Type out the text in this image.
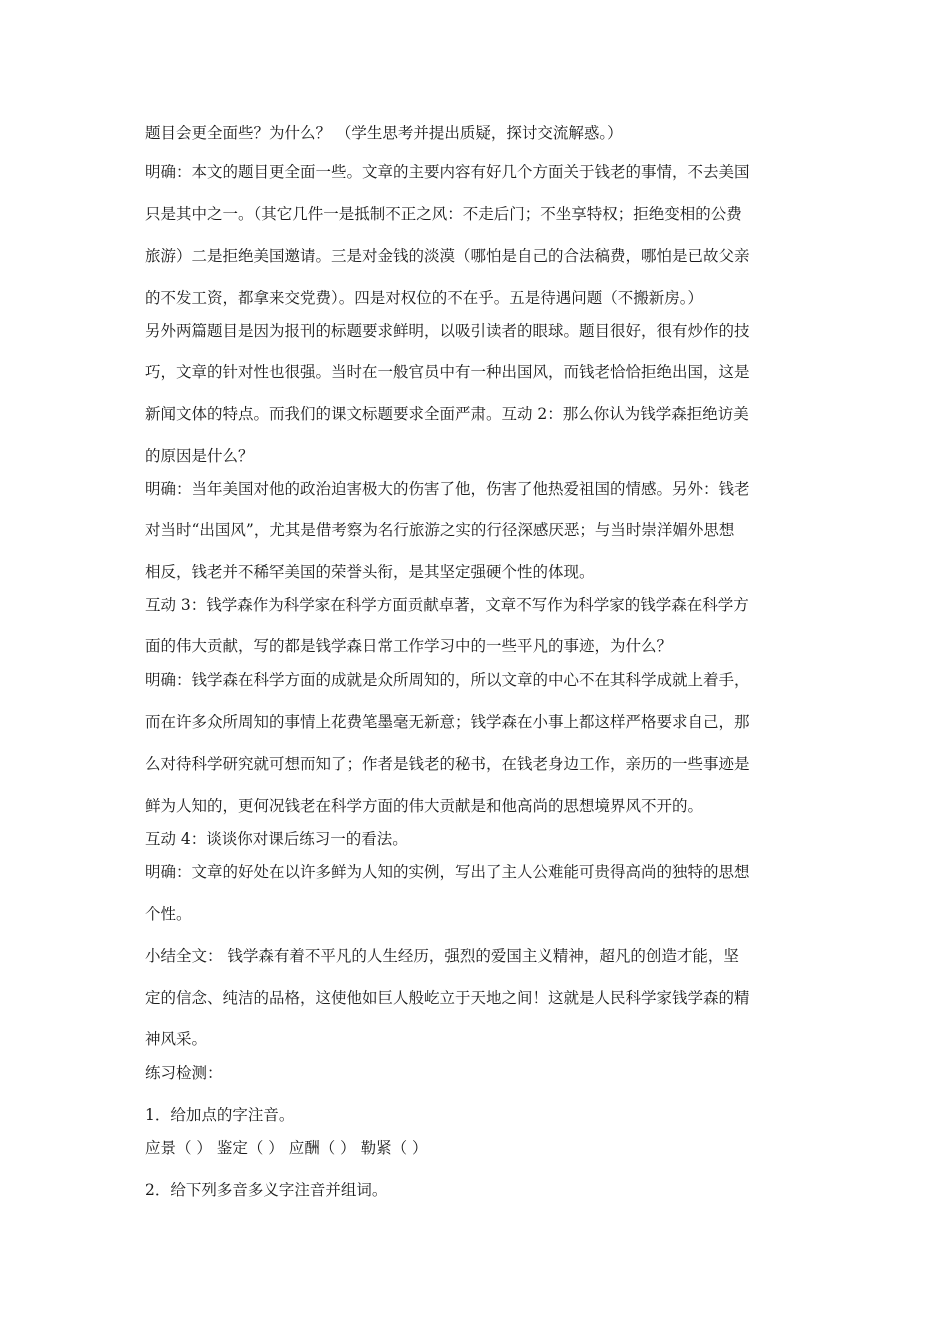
题目会更全面些？为什么？ （学生思考并提出质疑，探讨交流解惑。）
明确：本文的题目更全面一些。文章的主要内容有好几个方面关于钱老的事情，不去美国
只是其中之一。（其它几件一是抵制不正之风：不走后门；不坐享特权；拒绝变相的公费
旅游）二是拒绝美国邀请。三是对金钱的淡漠（哪怕是自己的合法稿费，哪怕是已故父亲
的不发工资，都拿来交党费）。四是对权位的不在乎。五是待遇问题（不搬新房。）
另外两篇题目是因为报刊的标题要求鲜明，以吸引读者的眼球。题目很好，很有炒作的技
巧，文章的针对性也很强。当时在一般官员中有一种出国风，而钱老恰恰拒绝出国，这是
新闻文体的特点。而我们的课文标题要求全面严肃。互动 2：那么你认为钱学森拒绝访美
的原因是什么？
明确：当年美国对他的政治迫害极大的伤害了他，伤害了他热爱祖国的情感。另外：钱老
对当时“出国风”，尤其是借考察为名行旅游之实的行径深感厌恶；与当时崇洋媚外思想
相反，钱老并不稀罕美国的荣誉头衔，是其坚定强硬个性的体现。
互动 3：钱学森作为科学家在科学方面贡献卓著，文章不写作为科学家的钱学森在科学方
面的伟大贡献，写的都是钱学森日常工作学习中的一些平凡的事迹，为什么？
明确：钱学森在科学方面的成就是众所周知的，所以文章的中心不在其科学成就上着手，
而在许多众所周知的事情上花费笔墨毫无新意；钱学森在小事上都这样严格要求自己，那
么对待科学研究就可想而知了；作者是钱老的秘书，在钱老身边工作，亲历的一些事迹是
鲜为人知的，更何况钱老在科学方面的伟大贡献是和他高尚的思想境界风不开的。
互动 4：谈谈你对课后练习一的看法。
明确：文章的好处在以许多鲜为人知的实例，写出了主人公难能可贵得高尚的独特的思想
个性。
小结全文： 钱学森有着不平凡的人生经历，强烈的爱国主义精神，超凡的创造才能，坚
定的信念、纯洁的品格，这使他如巨人般屹立于天地之间！这就是人民科学家钱学森的精
神风采。
练习检测：
1．给加点的字注音。
应景（ ） 鉴定（ ） 应酬（ ） 勒紧（ ）
2．给下列多音多义字注音并组词。
